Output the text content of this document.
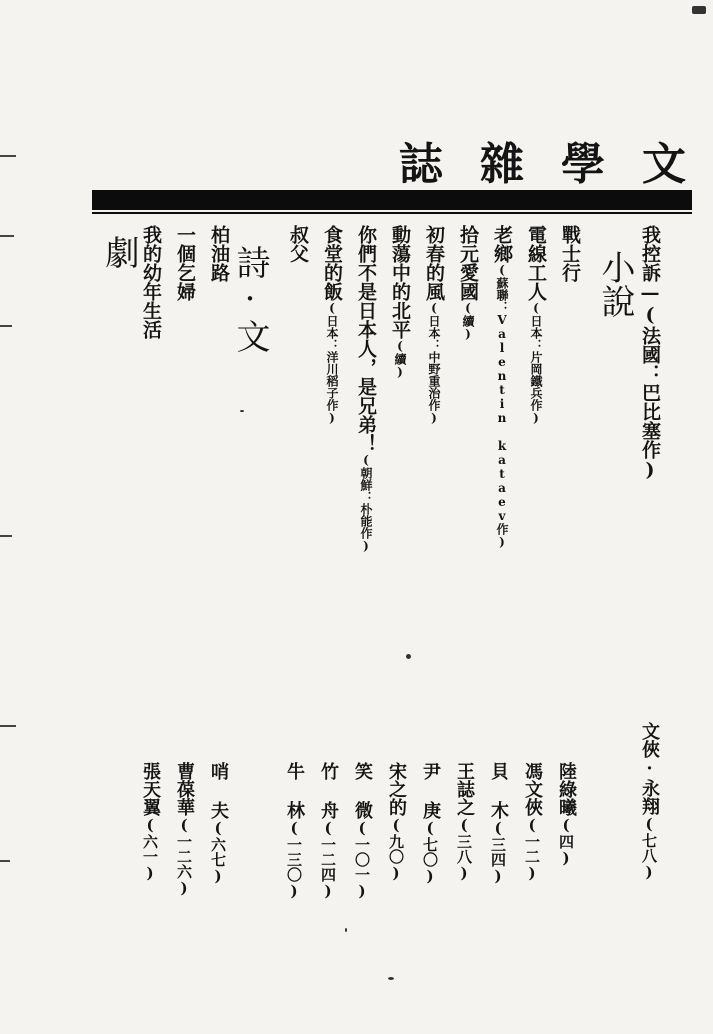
誌 雜 學 文
小說
詩·文
劇	我控訴—(法國：巴比塞作)
戰士行
電線工人(日本：片岡鐵兵作)
老鄉(蘇聯：Valentin kataev作)
拾元愛國(續)
初春的風(日本：中野重治作)
動蕩中的北平(續)
你們不是日本人，是兄弟！(朝鮮：朴能作)
食堂的飯(日本：洋川稻子作)
叔父
柏油路
一個乞婦
我的幼年生活
文俠·永翔(七八)
陸綠曦(四)
馮文俠(一二)
貝 木(三四)
王誌之(三八)
尹 庚(七〇)
宋之的(九〇)
笑 微(一〇一)
竹 舟(一二四)
牛 林(一三〇)
哨 夫(六七)
曹葆華(一二六)
張天翼(六一)
